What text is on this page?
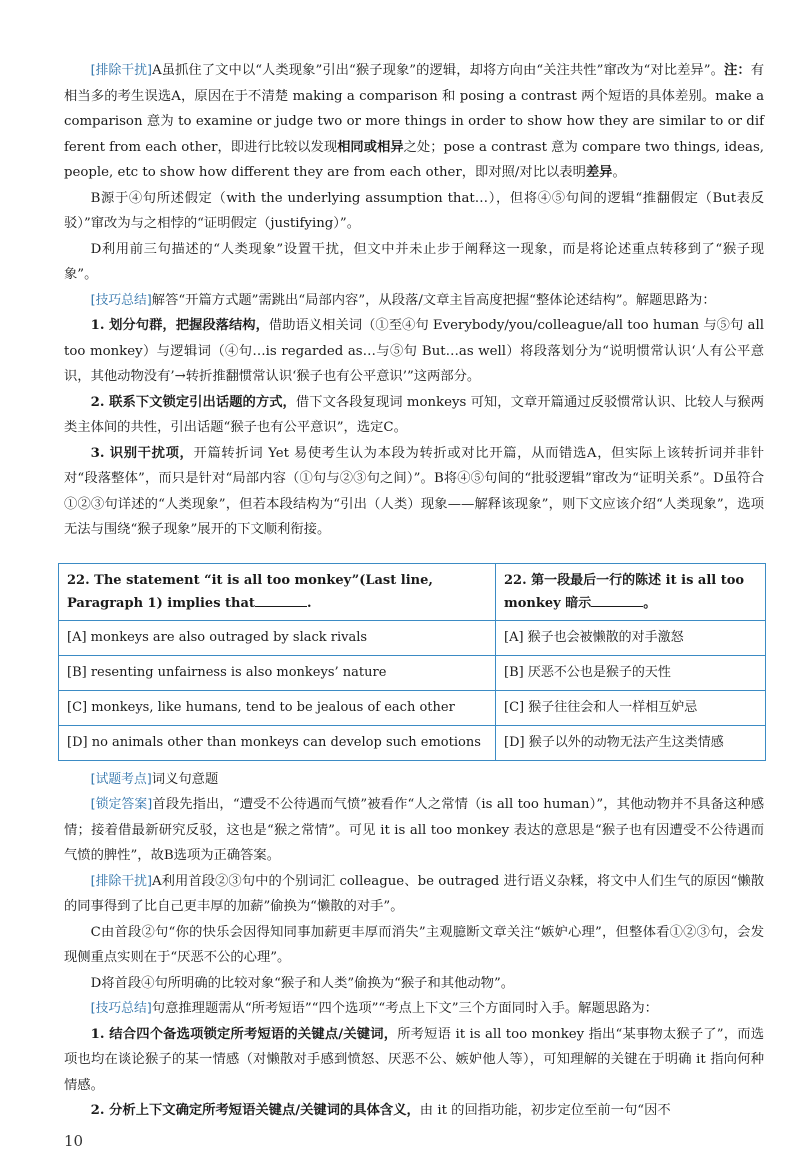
[排除干扰]A虽抓住了文中以“人类现象”引出“猴子现象”的逻辑，却将方向由“关注共性”窜改为“对比差异”。注：有相当多的考生误选A，原因在于不清楚 making a comparison 和 posing a contrast 两个短语的具体差别。make a comparison 意为 to examine or judge two or more things in order to show how they are similar to or different from each other，即进行比较以发现相同或相异之处；pose a contrast 意为 compare two things, ideas, people, etc to show how different they are from each other，即对照/对比以表明差异。

B源于④句所述假定（with the underlying assumption that…），但将④⑤句间的逻辑“推翻假定（But表反驳）”窜改为与之相悖的“证明假定（justifying）”。

D利用前三句描述的“人类现象”设置干扰，但文中并未止步于阐释这一现象，而是将论述重点转移到了“猴子现象”。

[技巧总结]解答“开篇方式题”需跳出“局部内容”，从段落/文章主旨高度把握“整体论述结构”。解题思路为：

1. 划分句群，把握段落结构，借助语义相关词（①至④句 Everybody/you/colleague/all too human 与⑤句 all too monkey）与逻辑词（④句…is regarded as…与⑤句 But…as well）将段落划分为“说明惯常认识‘人有公平意识，其他动物没有’→转折推翻惯常认识‘猴子也有公平意识’”这两部分。

2. 联系下文锁定引出话题的方式，借下文各段复现词 monkeys 可知，文章开篇通过反驳惯常认识、比较人与猴两类主体间的共性，引出话题“猴子也有公平意识”，选定C。

3. 识别干扰项，开篇转折词 Yet 易使考生认为本段为转折或对比开篇，从而错选A，但实际上该转折词并非针对“段落整体”，而只是针对“局部内容（①句与②③句之间）”。B将④⑤句间的“批驳逻辑”窜改为“证明关系”。D虽符合①②③句详述的“人类现象”，但若本段结构为“引出（人类）现象——解释该现象”，则下文应该介绍“人类现象”，选项无法与围绕“猴子现象”展开的下文顺利衔接。

22. The statement “it is all too monkey”(Last line, Paragraph 1) implies that .	22. 第一段最后一行的陈述 it is all too monkey 暗示 。
[A] monkeys are also outraged by slack rivals	[A] 猴子也会被懒散的对手激怒
[B] resenting unfairness is also monkeys’ nature	[B] 厌恶不公也是猴子的天性
[C] monkeys, like humans, tend to be jealous of each other	[C] 猴子往往会和人一样相互妒忌
[D] no animals other than monkeys can develop such emotions	[D] 猴子以外的动物无法产生这类情感

[试题考点]词义句意题

[锁定答案]首段先指出，“遭受不公待遇而气愤”被看作“人之常情（is all too human）”，其他动物并不具备这种感情；接着借最新研究反驳，这也是“猴之常情”。可见 it is all too monkey 表达的意思是“猴子也有因遭受不公待遇而气愤的脾性”，故B选项为正确答案。

[排除干扰]A利用首段②③句中的个别词汇 colleague、be outraged 进行语义杂糅，将文中人们生气的原因“懒散的同事得到了比自己更丰厚的加薪”偷换为“懒散的对手”。

C由首段②句“你的快乐会因得知同事加薪更丰厚而消失”主观臆断文章关注“嫉妒心理”，但整体看①②③句，会发现侧重点实则在于“厌恶不公的心理”。

D将首段④句所明确的比较对象“猴子和人类”偷换为“猴子和其他动物”。

[技巧总结]句意推理题需从“所考短语”“四个选项”“考点上下文”三个方面同时入手。解题思路为：

1. 结合四个备选项锁定所考短语的关键点/关键词，所考短语 it is all too monkey 指出“某事物太猴子了”，而选项也均在谈论猴子的某一情感（对懒散对手感到愤怒、厌恶不公、嫉妒他人等），可知理解的关键在于明确 it 指向何种情感。

2. 分析上下文确定所考短语关键点/关键词的具体含义，由 it 的回指功能，初步定位至前一句“因不

10
